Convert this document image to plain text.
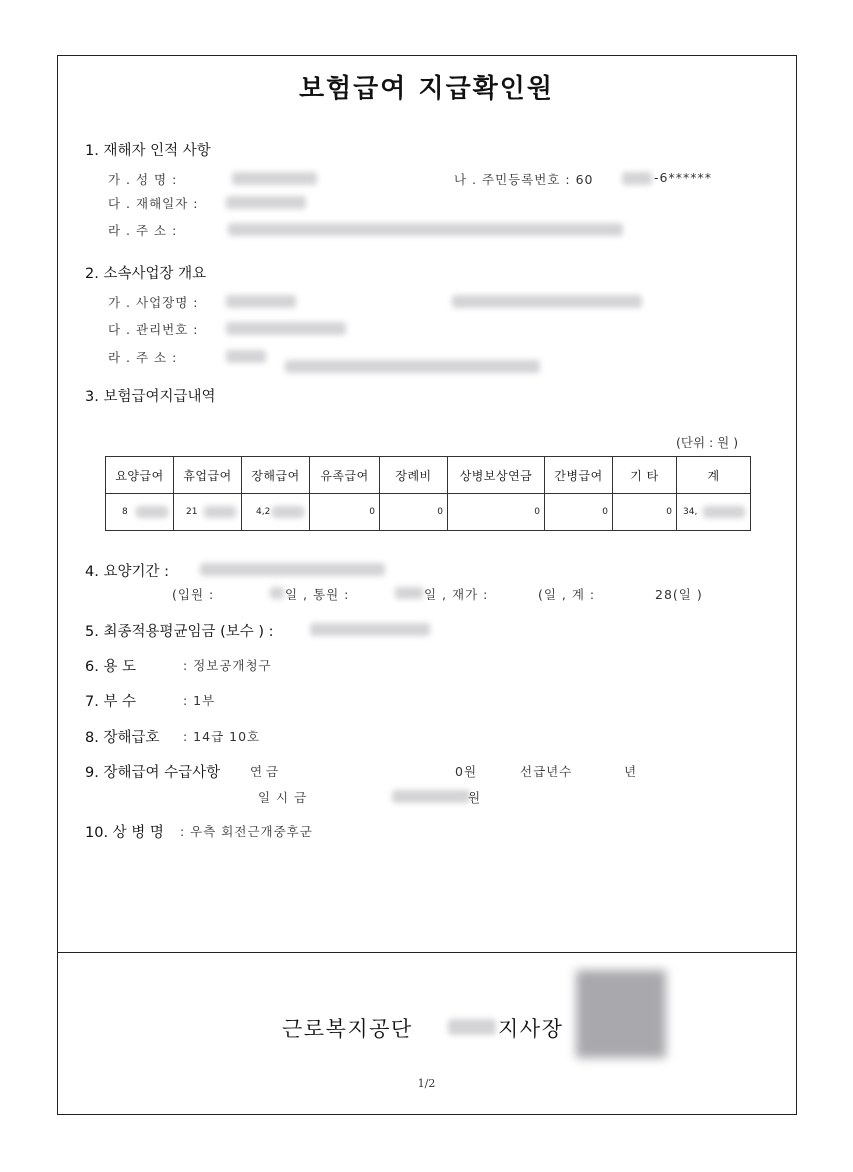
보험급여 지급확인원
1. 재해자 인적 사항
가 . 성 명 :	나 . 주민등록번호 : 60	-6******
다 . 재해일자 :
라 . 주 소 :
2. 소속사업장 개요
가 . 사업장명 :
다 . 관리번호 :
라 . 주 소 :
3. 보험급여지급내역
(단위 : 원 )
요양급여	휴업급여	장해급여	유족급여	장례비	상병보상연금	간병급여	기 타	계
8	21	4,2	0	0	0	0	0	34,
4. 요양기간 :
(입원 :	일 , 통원 :	일 , 재가 :	(일 , 계 :	28(일 )
5. 최종적용평균임금 (보수 ) :
6. 용 도	: 정보공개청구
7. 부 수	: 1부
8. 장해급호 : 14급 10호
9. 장해급여 수급사항 연 금	0원	선급년수	년
일 시 금	원
10. 상 병 명 : 우측 회전근개중후군
근로복지공단	지사장
1/2
